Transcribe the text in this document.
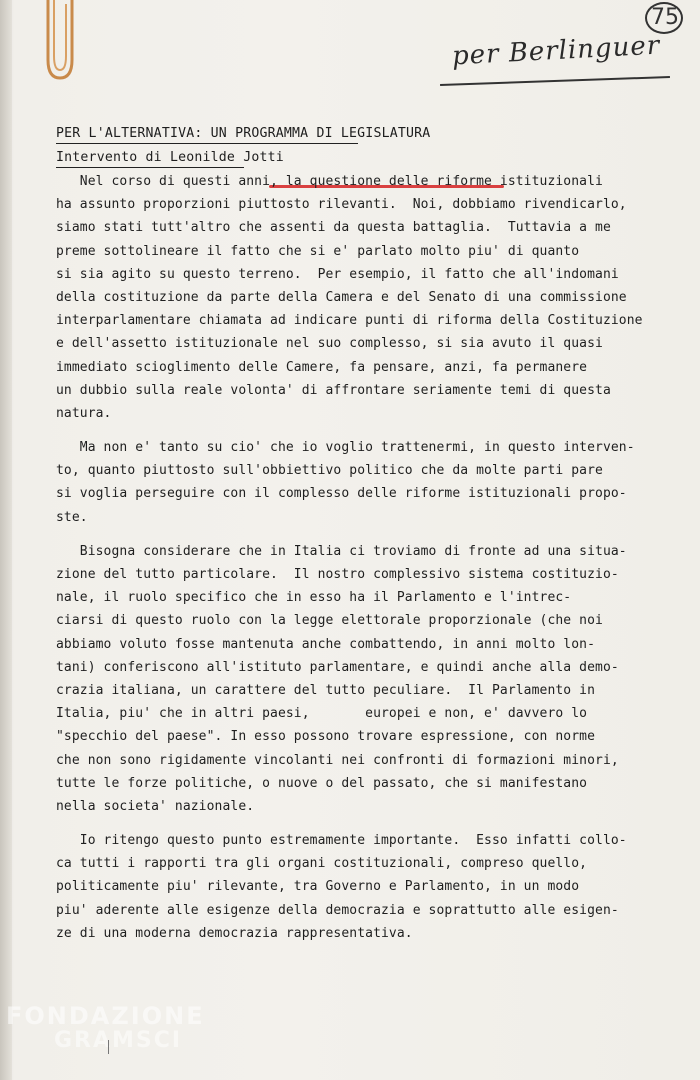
75
per Berlinguer
PER L'ALTERNATIVA: UN PROGRAMMA DI LEGISLATURA
Intervento di Leonilde Jotti
Nel corso di questi anni, la questione delle riforme istituzionali
ha assunto proporzioni piuttosto rilevanti.  Noi, dobbiamo rivendicarlo,
siamo stati tutt'altro che assenti da questa battaglia.  Tuttavia a me
preme sottolineare il fatto che si e' parlato molto piu' di quanto
si sia agito su questo terreno.  Per esempio, il fatto che all'indomani
della costituzione da parte della Camera e del Senato di una commissione
interparlamentare chiamata ad indicare punti di riforma della Costituzione
e dell'assetto istituzionale nel suo complesso, si sia avuto il quasi
immediato scioglimento delle Camere, fa pensare, anzi, fa permanere
un dubbio sulla reale volonta' di affrontare seriamente temi di questa
natura.
Ma non e' tanto su cio' che io voglio trattenermi, in questo interven-
to, quanto piuttosto sull'obbiettivo politico che da molte parti pare
si voglia perseguire con il complesso delle riforme istituzionali propo-
ste.
Bisogna considerare che in Italia ci troviamo di fronte ad una situa-
zione del tutto particolare.  Il nostro complessivo sistema costituzio-
nale, il ruolo specifico che in esso ha il Parlamento e l'intrec-
ciarsi di questo ruolo con la legge elettorale proporzionale (che noi
abbiamo voluto fosse mantenuta anche combattendo, in anni molto lon-
tani) conferiscono all'istituto parlamentare, e quindi anche alla demo-
crazia italiana, un carattere del tutto peculiare.  Il Parlamento in
Italia, piu' che in altri paesi,       europei e non, e' davvero lo
"specchio del paese". In esso possono trovare espressione, con norme
che non sono rigidamente vincolanti nei confronti di formazioni minori,
tutte le forze politiche, o nuove o del passato, che si manifestano
nella societa' nazionale.
Io ritengo questo punto estremamente importante.  Esso infatti collo-
ca tutti i rapporti tra gli organi costituzionali, compreso quello,
politicamente piu' rilevante, tra Governo e Parlamento, in un modo
piu' aderente alle esigenze della democrazia e soprattutto alle esigen-
ze di una moderna democrazia rappresentativa.
FONDAZIONE
GRAMSCI
